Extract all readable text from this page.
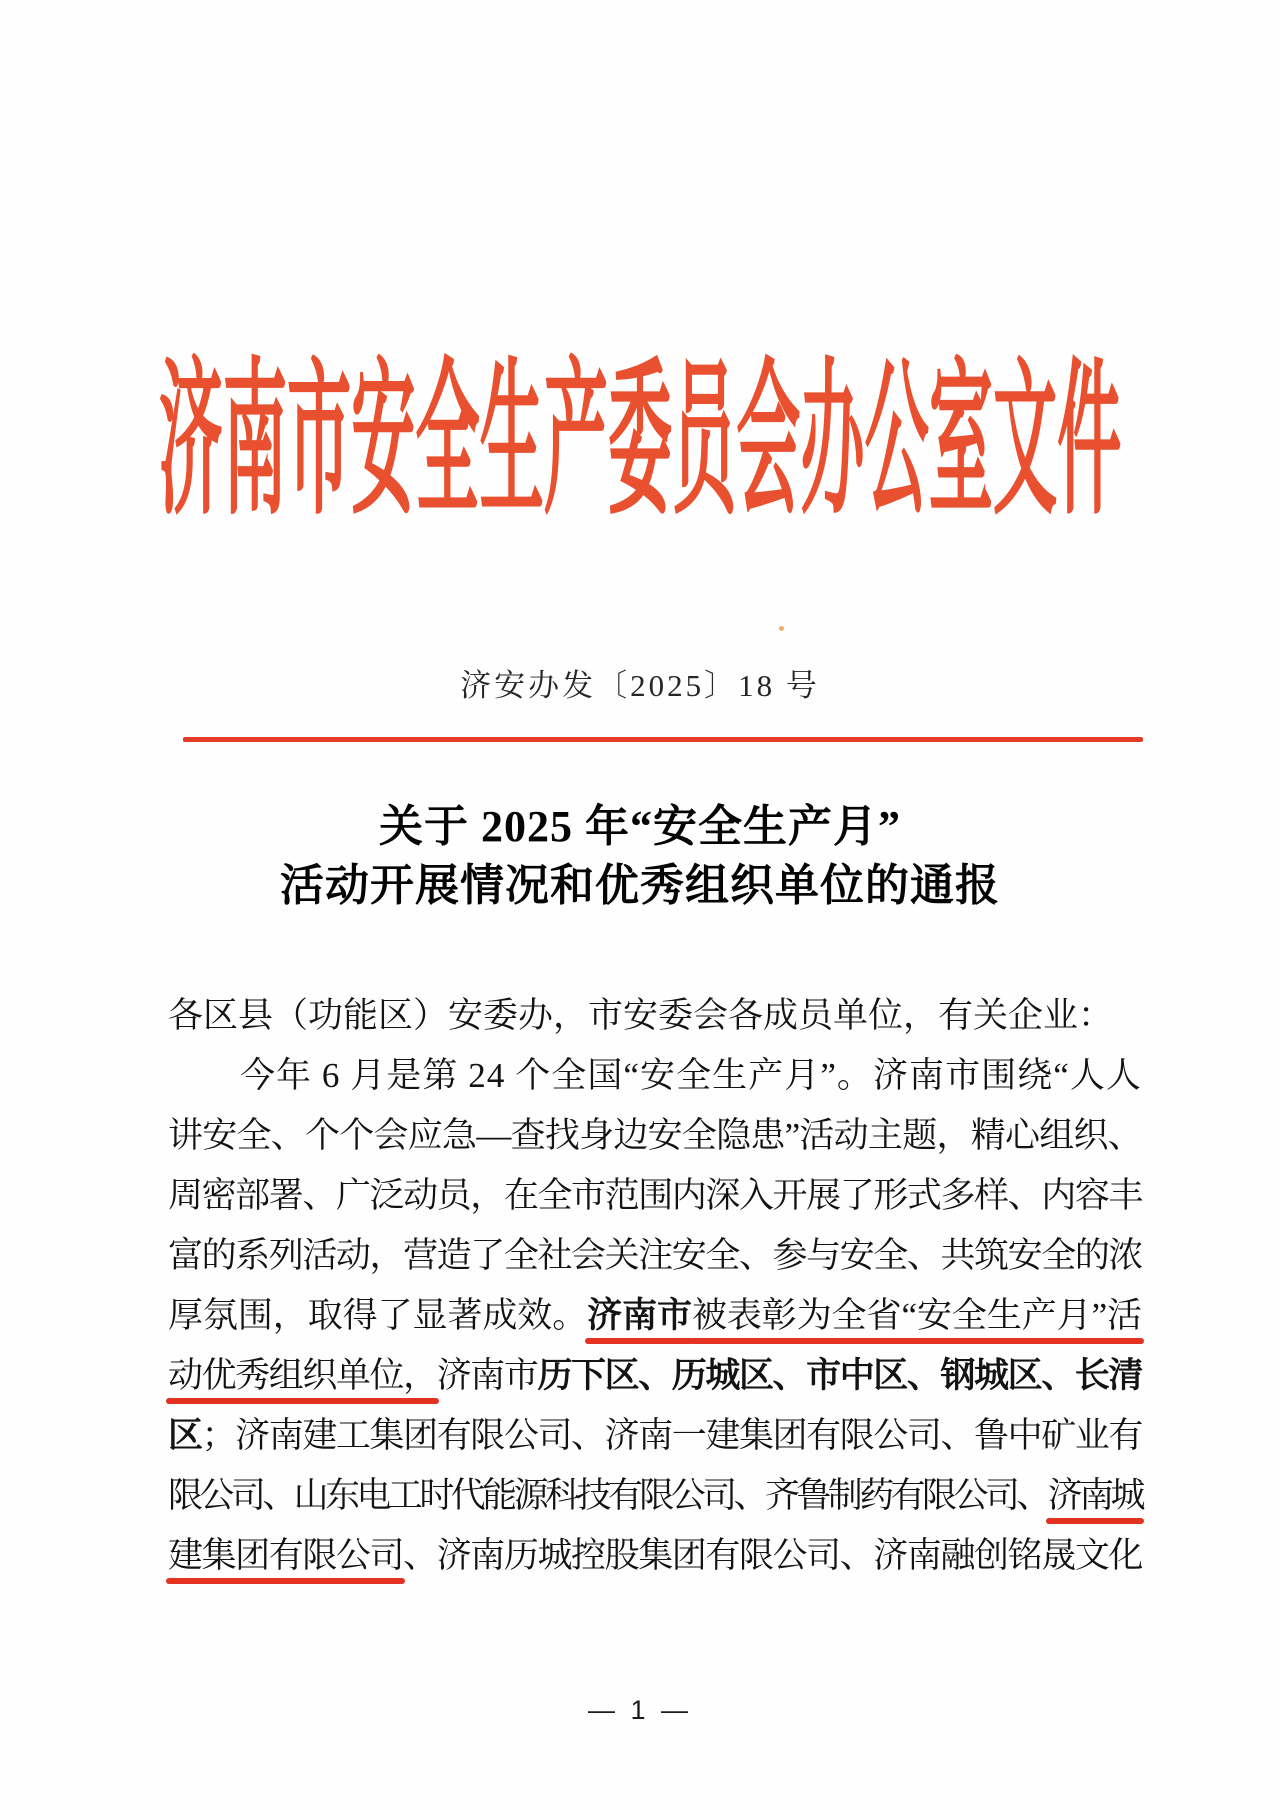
济南市安全生产委员会办公室文件
济安办发〔2025〕18 号
关于 2025 年“安全生产月”
活动开展情况和优秀组织单位的通报
各区县（功能区）安委办，市安委会各成员单位，有关企业：
今年 6 月是第 24 个全国“安全生产月”。济南市围绕“人人
讲安全、个个会应急—查找身边安全隐患”活动主题，精心组织、
周密部署、广泛动员，在全市范围内深入开展了形式多样、内容丰
富的系列活动，营造了全社会关注安全、参与安全、共筑安全的浓
厚氛围，取得了显著成效。济南市被表彰为全省“安全生产月”活
动优秀组织单位，济南市历下区、历城区、市中区、钢城区、长清
区；济南建工集团有限公司、济南一建集团有限公司、鲁中矿业有
限公司、山东电工时代能源科技有限公司、齐鲁制药有限公司、济南城
建集团有限公司、济南历城控股集团有限公司、济南融创铭晟文化
— 1 —
